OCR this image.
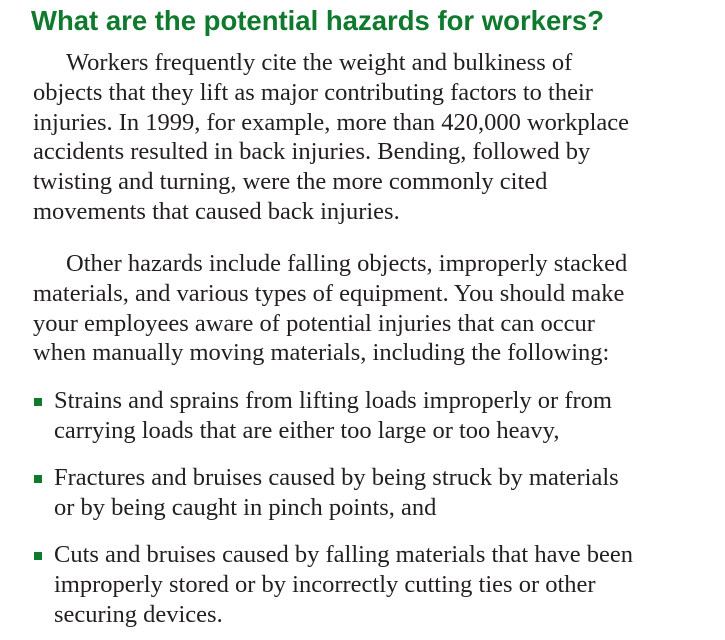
What are the potential hazards for workers?

Workers frequently cite the weight and bulkiness of
objects that they lift as major contributing factors to their
injuries. In 1999, for example, more than 420,000 workplace
accidents resulted in back injuries. Bending, followed by
twisting and turning, were the more commonly cited
movements that caused back injuries.

Other hazards include falling objects, improperly stacked
materials, and various types of equipment. You should make
your employees aware of potential injuries that can occur
when manually moving materials, including the following:

Strains and sprains from lifting loads improperly or from
carrying loads that are either too large or too heavy,
Fractures and bruises caused by being struck by materials
or by being caught in pinch points, and
Cuts and bruises caused by falling materials that have been
improperly stored or by incorrectly cutting ties or other
securing devices.
